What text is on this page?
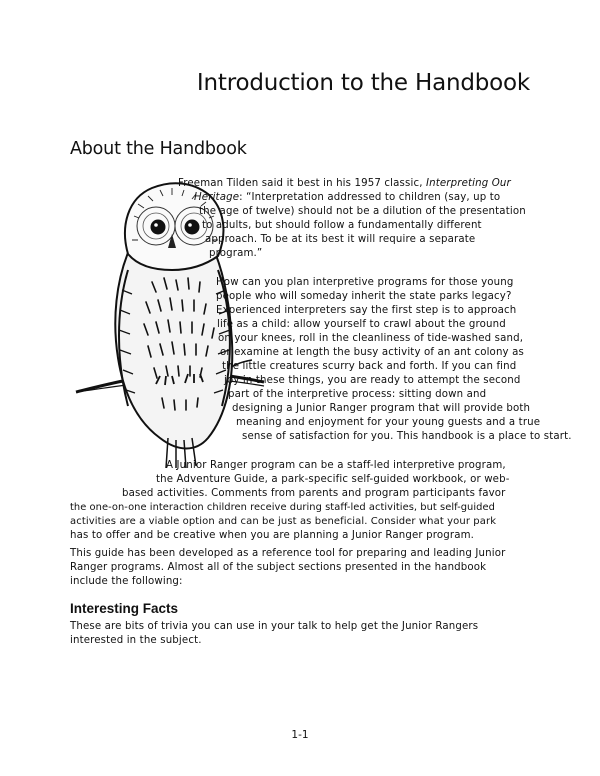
Introduction to the Handbook
About the Handbook
Freeman Tilden said it best in his 1957 classic, Interpreting Our
Heritage: “Interpretation addressed to children (say, up to
the age of twelve) should not be a dilution of the presentation
to adults, but should follow a fundamentally different
approach. To be at its best it will require a separate
program.”
How can you plan interpretive programs for those young
people who will someday inherit the state parks legacy?
Experienced interpreters say the first step is to approach
life as a child: allow yourself to crawl about the ground
on your knees, roll in the cleanliness of tide-washed sand,
or examine at length the busy activity of an ant colony as
the little creatures scurry back and forth. If you can find
joy in these things, you are ready to attempt the second
part of the interpretive process: sitting down and
designing a Junior Ranger program that will provide both
meaning and enjoyment for your young guests and a true
sense of satisfaction for you. This handbook is a place to start.
A Junior Ranger program can be a staff-led interpretive program,
the Adventure Guide, a park-specific self-guided workbook, or web-
based activities. Comments from parents and program participants favor
the one-on-one interaction children receive during staff-led activities, but self-guided
activities are a viable option and can be just as beneficial. Consider what your park
has to offer and be creative when you are planning a Junior Ranger program.
This guide has been developed as a reference tool for preparing and leading Junior
Ranger programs. Almost all of the subject sections presented in the handbook
include the following:
Interesting Facts
These are bits of trivia you can use in your talk to help get the Junior Rangers
interested in the subject.
1-1
